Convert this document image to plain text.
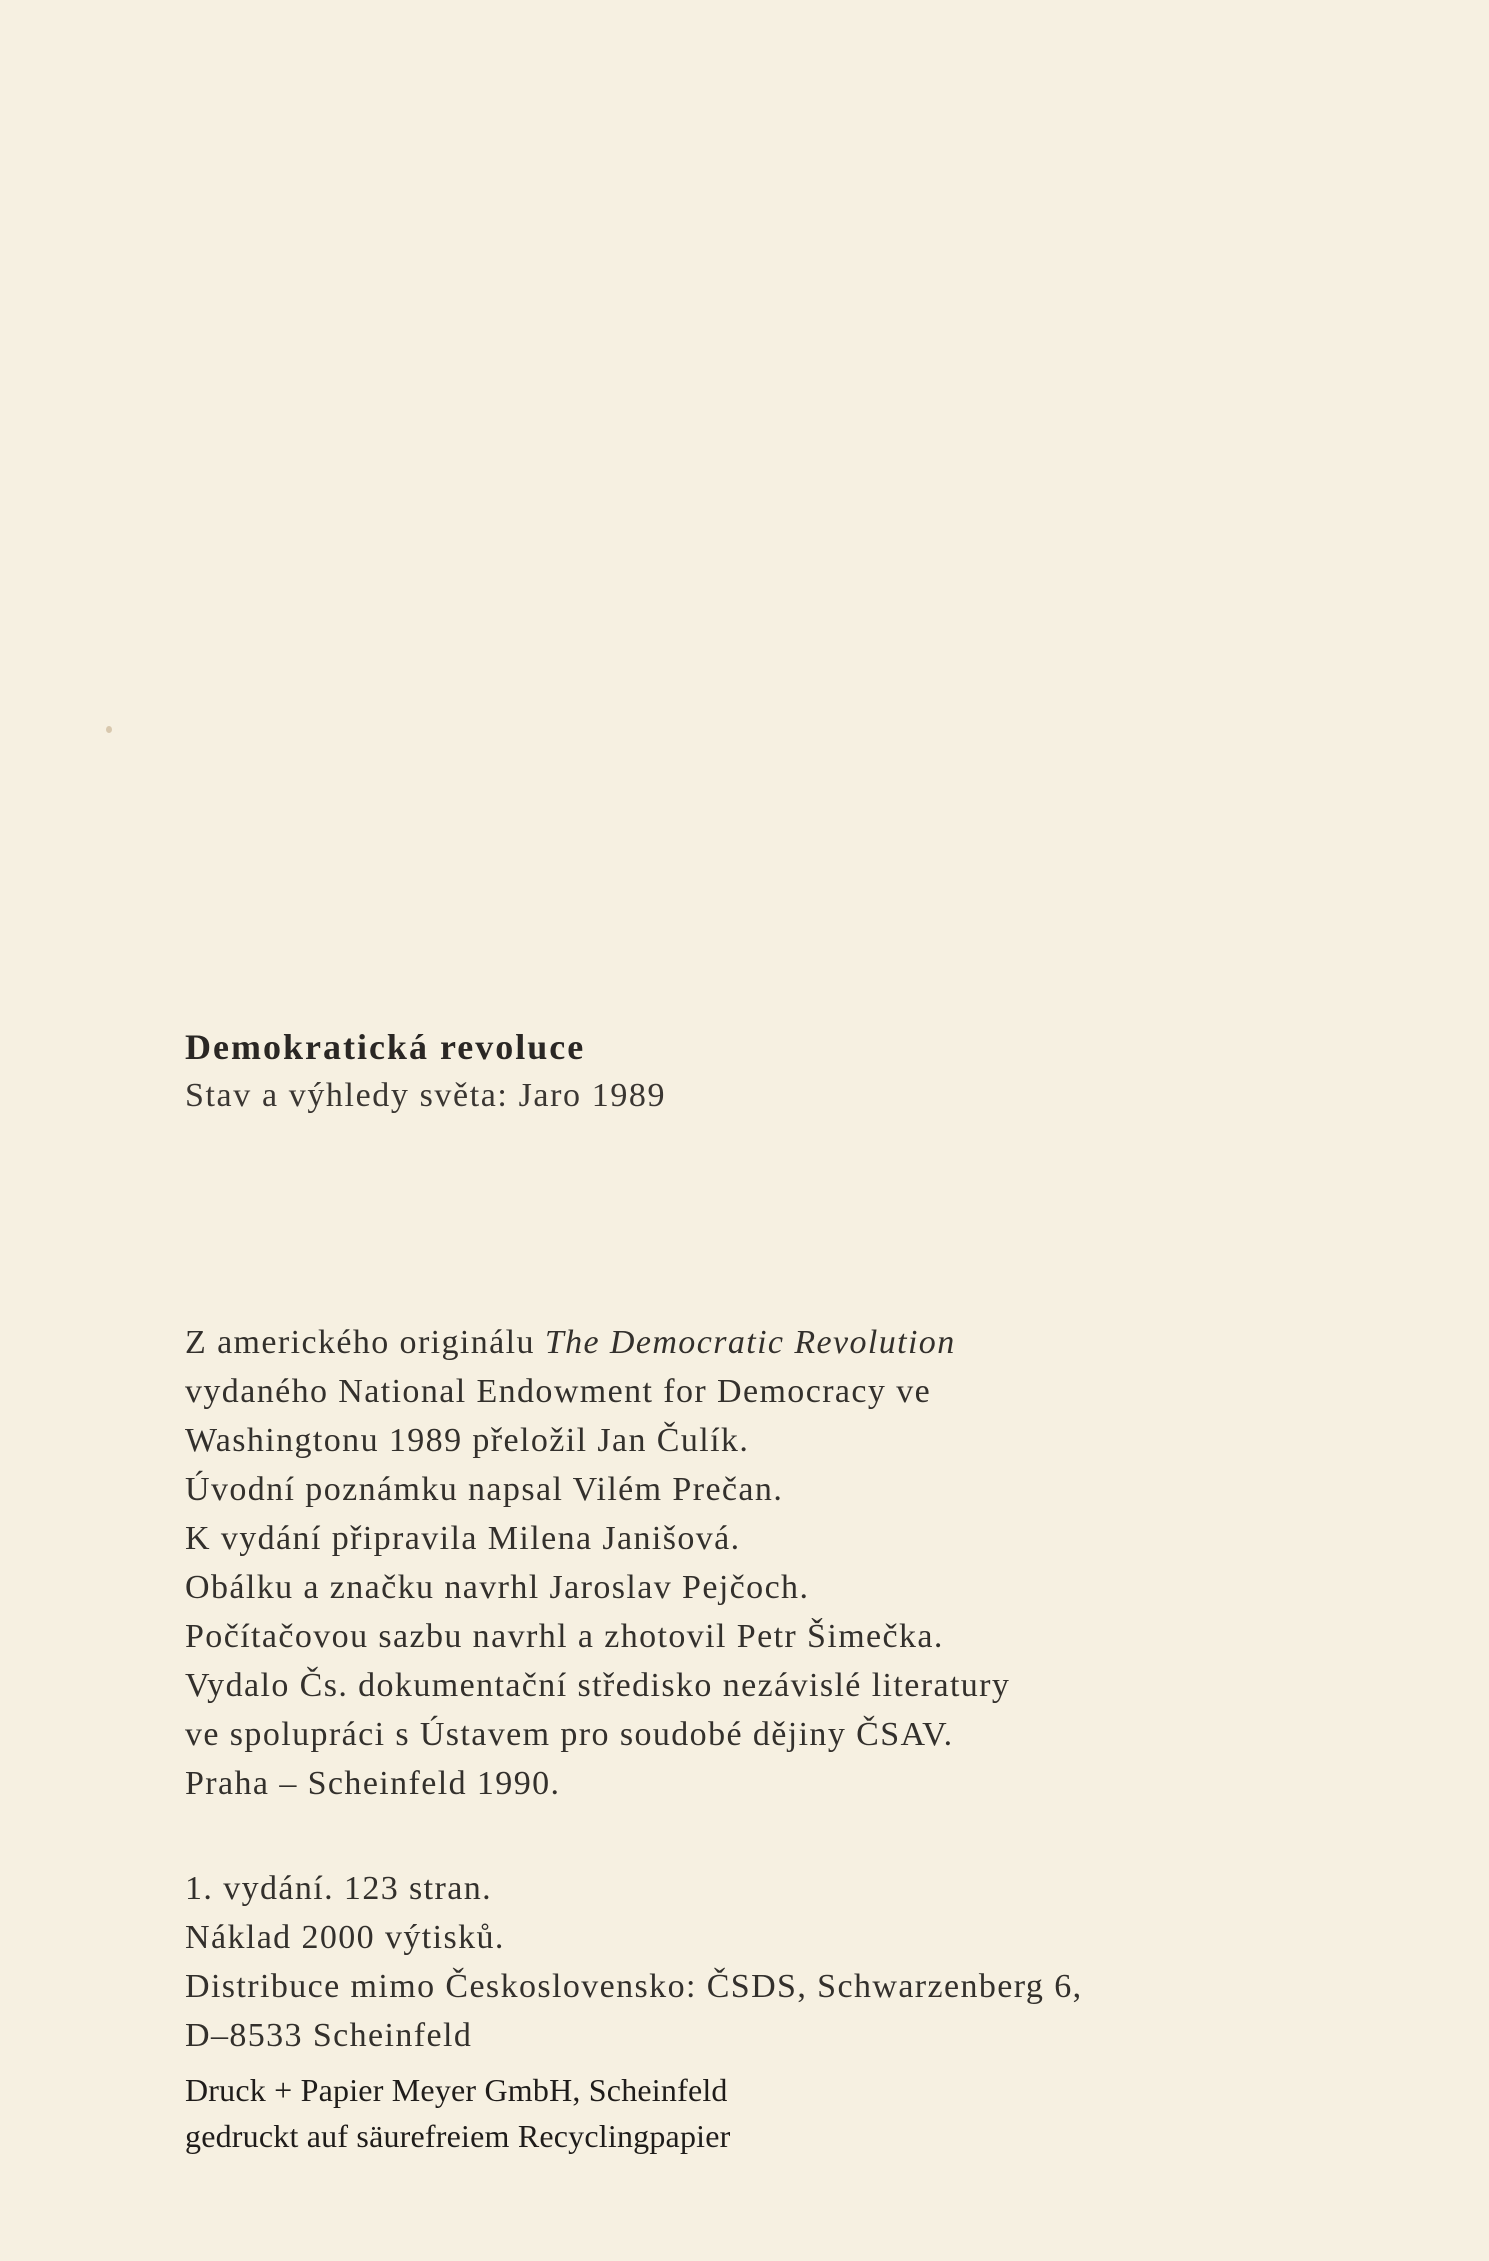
Demokratická revoluce
Stav a výhledy světa: Jaro 1989
Z amerického originálu The Democratic Revolution
vydaného National Endowment for Democracy ve
Washingtonu 1989 přeložil Jan Čulík.
Úvodní poznámku napsal Vilém Prečan.
K vydání připravila Milena Janišová.
Obálku a značku navrhl Jaroslav Pejčoch.
Počítačovou sazbu navrhl a zhotovil Petr Šimečka.
Vydalo Čs. dokumentační středisko nezávislé literatury
ve spolupráci s Ústavem pro soudobé dějiny ČSAV.
Praha – Scheinfeld 1990.
1. vydání. 123 stran.
Náklad 2000 výtisků.
Distribuce mimo Československo: ČSDS, Schwarzenberg 6,
D–8533 Scheinfeld
Druck + Papier Meyer GmbH, Scheinfeld
gedruckt auf säurefreiem Recyclingpapier
